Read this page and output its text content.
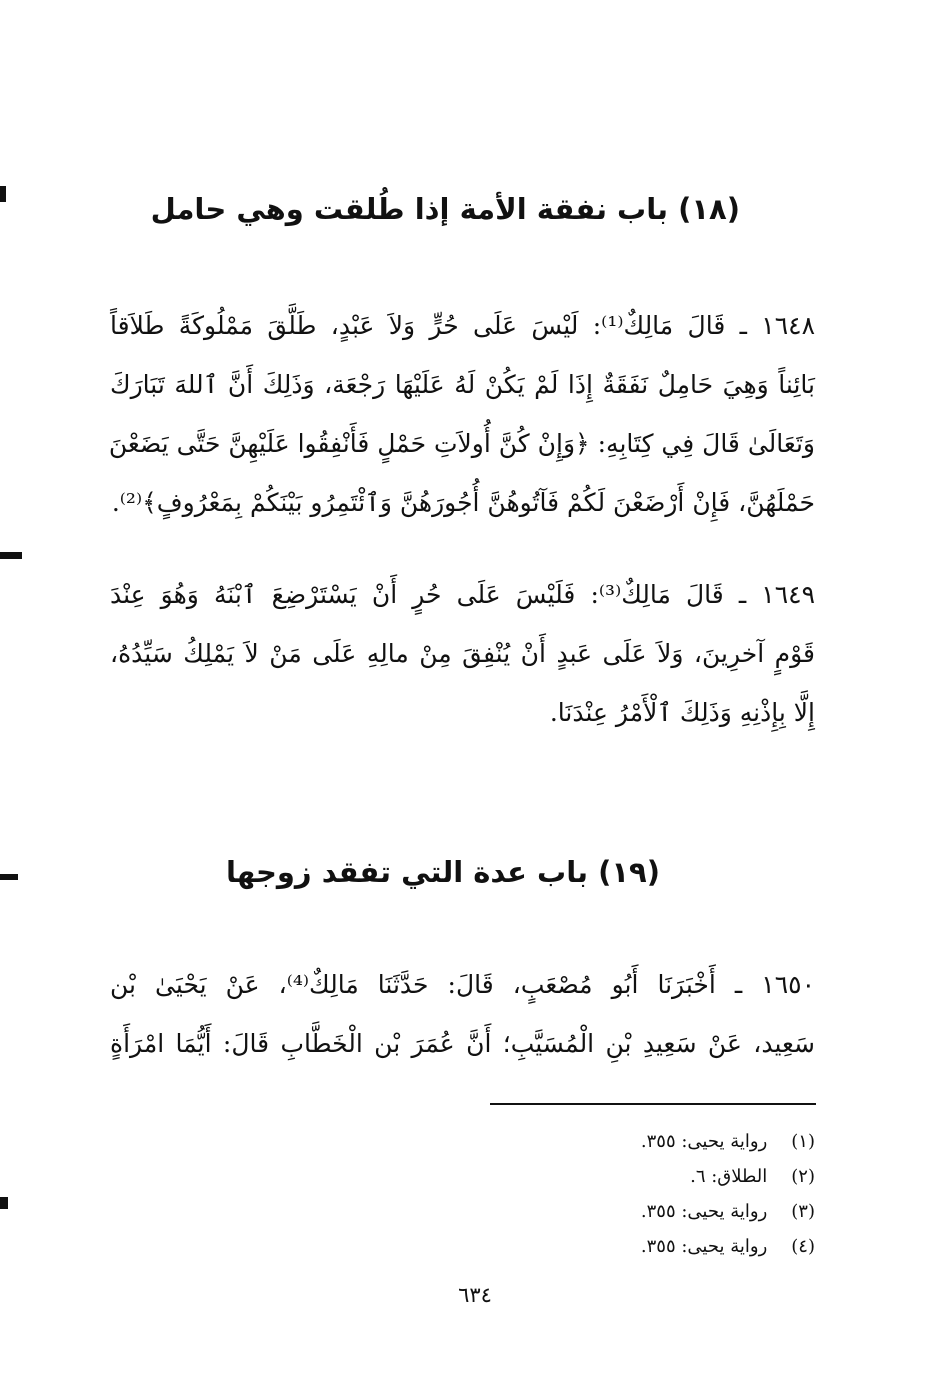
(١٨) باب نفقة الأمة إذا طُلقت وهي حامل
١٦٤٨ ـ قَالَ مَالِكٌ⁽¹⁾: لَيْسَ عَلَى حُرٍّ وَلاَ عَبْدٍ، طَلَّقَ مَمْلُوكَةً طَلاَقاً
بَائِناً وَهِيَ حَامِلٌ نَفَقَةٌ إِذَا لَمْ يَكُنْ لَهُ عَلَيْهَا رَجْعَة، وَذَلِكَ أَنَّ ٱللهَ تَبَارَكَ
وَتَعَالَىٰ قَالَ فِي كِتَابِهِ: ﴿وَإِنْ كُنَّ أُولاَتِ حَمْلٍ فَأَنْفِقُوا عَلَيْهِنَّ حَتَّى يَضَعْنَ
حَمْلَهُنَّ، فَإِنْ أَرْضَعْنَ لَكُمْ فَآتُوهُنَّ أُجُورَهُنَّ وَٱئْتَمِرُو بَيْنَكُمْ بِمَعْرُوفٍ﴾⁽²⁾.
١٦٤٩ ـ قَالَ مَالِكٌ⁽³⁾: فَلَيْسَ عَلَى حُرٍ أَنْ يَسْتَرْضِعَ ٱبْنَهُ وَهُوَ عِنْدَ
قَوْمٍ آخرِينَ، وَلاَ عَلَى عَبدٍ أَنْ يُنْفِقَ مِنْ مالِهِ عَلَى مَنْ لاَ يَمْلِكُ سَيِّدُهُ،
إِلَّا بِإِذْنِهِ وَذَلِكَ ٱلْأَمْرُ عِنْدَنَا.
(١٩) باب عدة التي تفقد زوجها
١٦٥٠ ـ أَخْبَرَنَا أَبُو مُصْعَبٍ، قَالَ: حَدَّثَنَا مَالِكٌ⁽⁴⁾، عَنْ يَحْيَىٰ بْن
سَعِيد، عَنْ سَعِيدِ بْنِ الْمُسَيَّبِ؛ أَنَّ عُمَرَ بْن الْخَطَّابِ قَالَ: أَيُّمَا امْرَأَةٍ
(١) رواية يحيى: ٣٥٥.
(٢) الطلاق: ٦.
(٣) رواية يحيى: ٣٥٥.
(٤) رواية يحيى: ٣٥٥.
٦٣٤
